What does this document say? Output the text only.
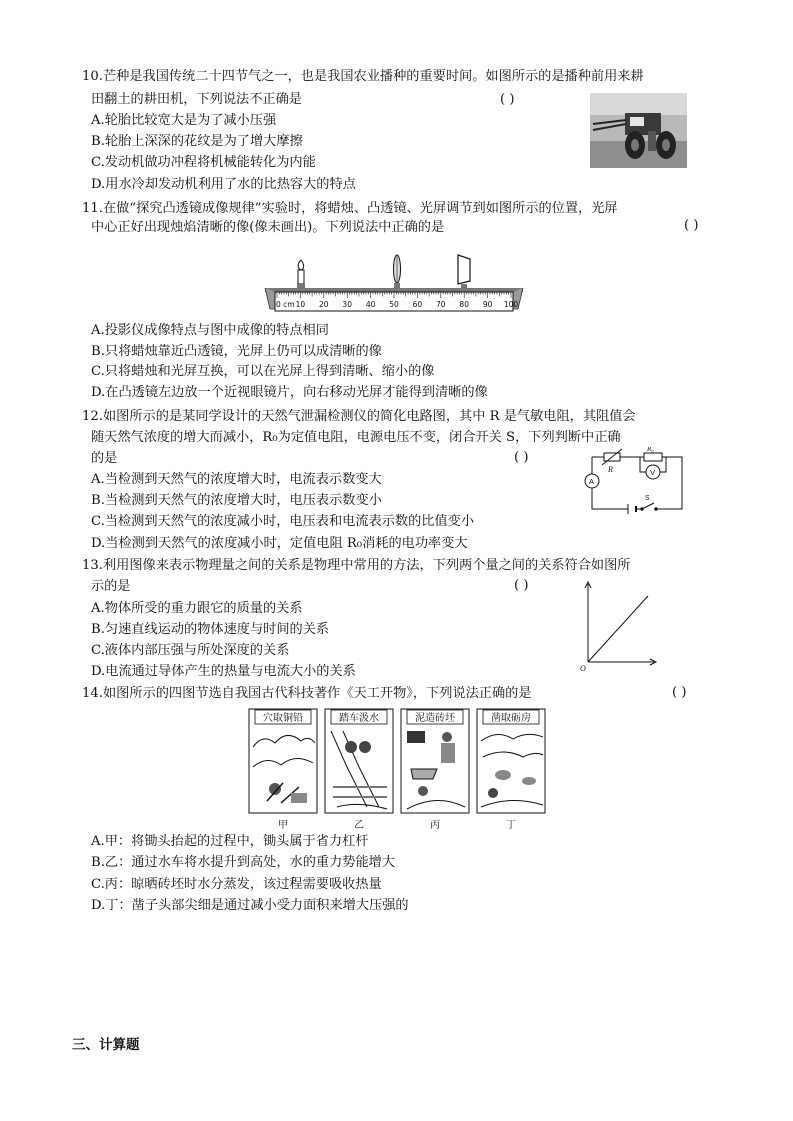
10.芒种是我国传统二十四节气之一，也是我国农业播种的重要时间。如图所示的是播种前用来耕
田翻土的耕田机，下列说法不正确是	( )
A.轮胎比较宽大是为了减小压强
B.轮胎上深深的花纹是为了增大摩擦
C.发动机做功冲程将机械能转化为内能
D.用水冷却发动机利用了水的比热容大的特点
11.在做“探究凸透镜成像规律”实验时，将蜡烛、凸透镜、光屏调节到如图所示的位置，光屏
中心正好出现烛焰清晰的像(像未画出)。下列说法中正确的是	( )
0 cm 10 20 30 40 50 60 70 80 90 100
A.投影仪成像特点与图中成像的特点相同
B.只将蜡烛靠近凸透镜，光屏上仍可以成清晰的像
C.只将蜡烛和光屏互换，可以在光屏上得到清晰、缩小的像
D.在凸透镜左边放一个近视眼镜片，向右移动光屏才能得到清晰的像
12.如图所示的是某同学设计的天然气泄漏检测仪的简化电路图，其中 R 是气敏电阻，其阻值会
随天然气浓度的增大而减小，R₀为定值电阻，电源电压不变，闭合开关 S，下列判断中正确
的是	( )
A.当检测到天然气的浓度增大时，电流表示数变大
B.当检测到天然气的浓度增大时，电压表示数变小
C.当检测到天然气的浓度减小时，电压表和电流表示数的比值变小
D.当检测到天然气的浓度减小时，定值电阻 R₀消耗的电功率变大
R
R₀
V
A
S
13.利用图像来表示物理量之间的关系是物理中常用的方法，下列两个量之间的关系符合如图所
示的是	( )
A.物体所受的重力跟它的质量的关系
B.匀速直线运动的物体速度与时间的关系
C.液体内部压强与所处深度的关系
D.电流通过导体产生的热量与电流大小的关系	O
14.如图所示的四图节选自我国古代科技著作《天工开物》，下列说法正确的是	( )
穴取铜铅
甲
踏车汲水
乙
泥造砖坯
丙
凿取砺房
丁
A.甲：将锄头抬起的过程中，锄头属于省力杠杆
B.乙：通过水车将水提升到高处，水的重力势能增大
C.丙：晾晒砖坯时水分蒸发，该过程需要吸收热量
D.丁：凿子头部尖细是通过减小受力面积来增大压强的
三、计算题
